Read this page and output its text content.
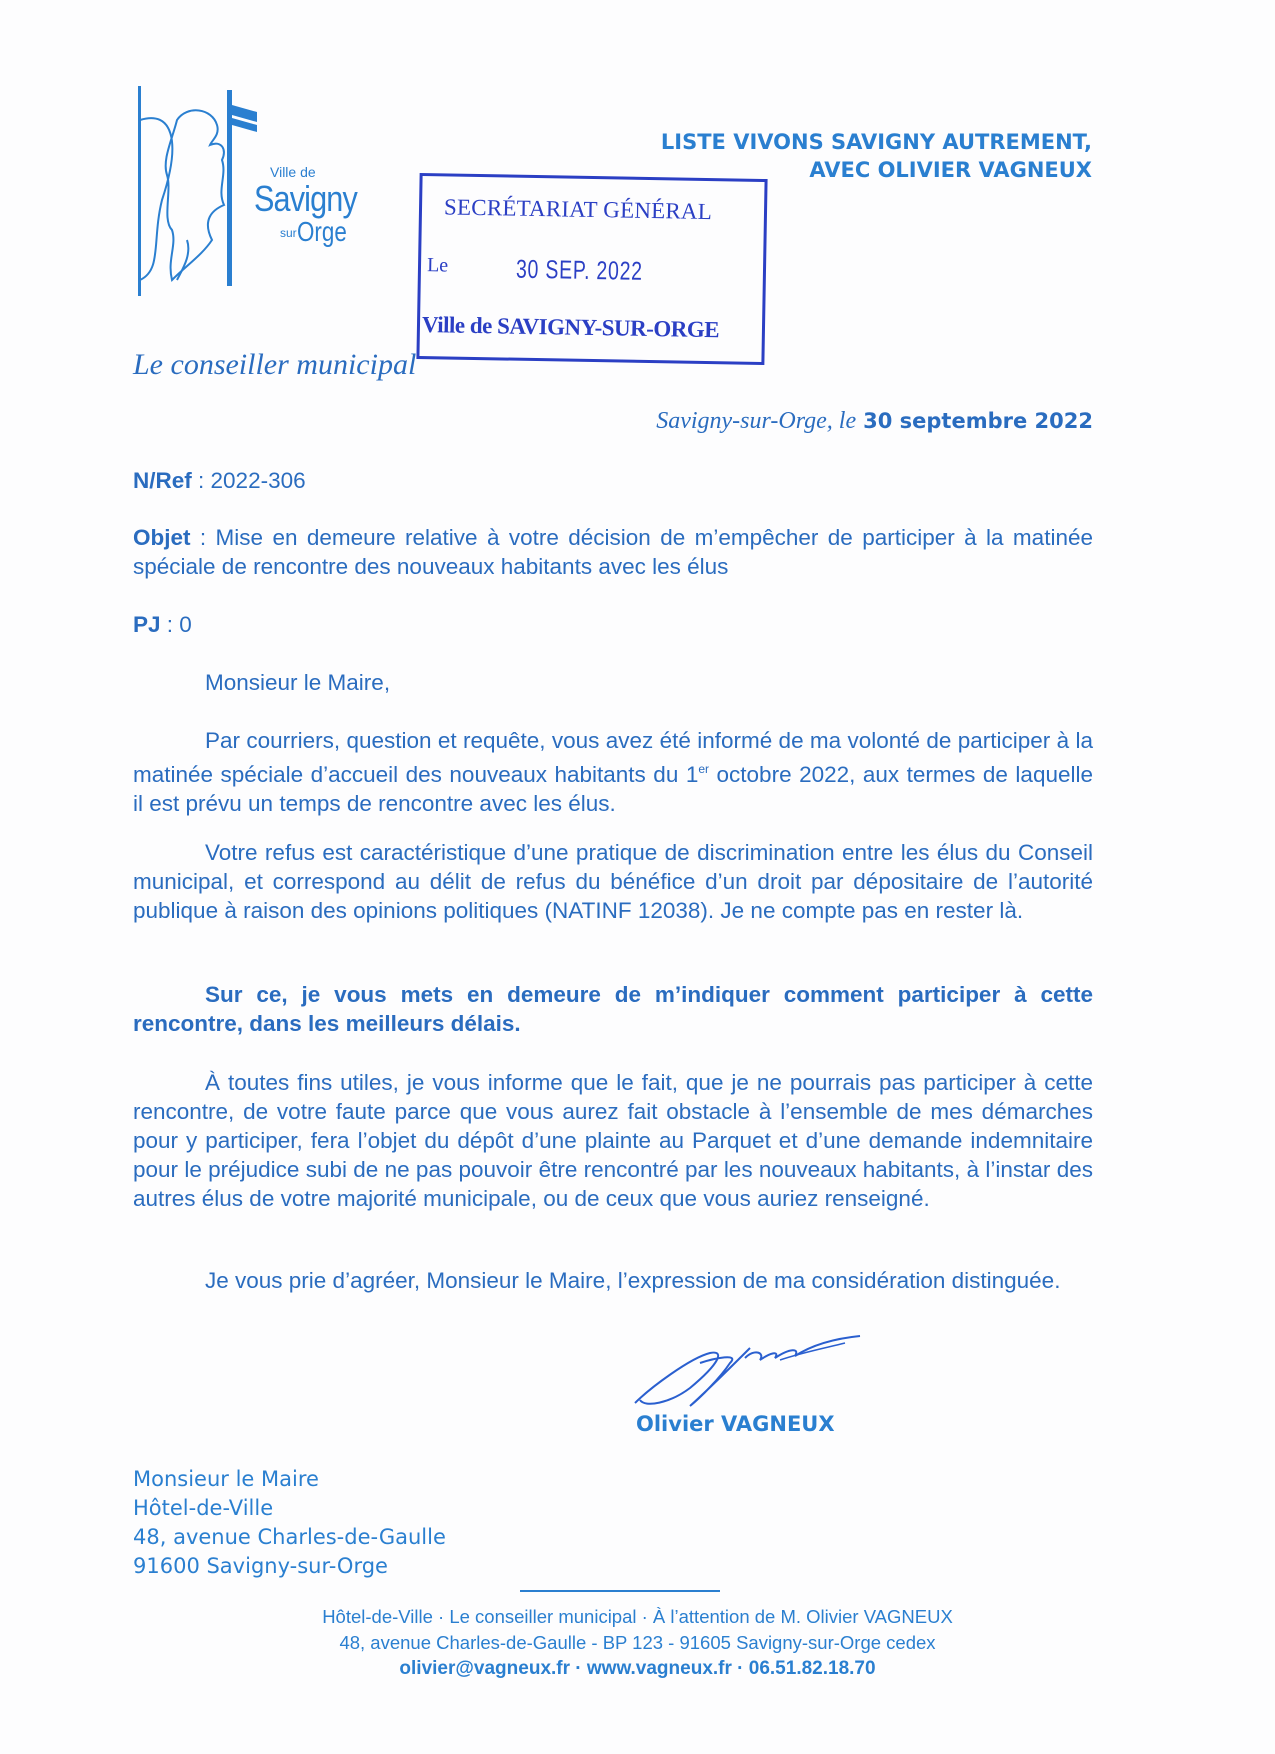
Ville de
Savigny
sur Orge
LISTE VIVONS SAVIGNY AUTREMENT,
AVEC OLIVIER VAGNEUX
SECRÉTARIAT GÉNÉRAL
Le	30 SEP. 2022
Ville de SAVIGNY-SUR-ORGE
Le conseiller municipal
Savigny-sur-Orge, le 30 septembre 2022
N/Ref : 2022-306
Objet : Mise en demeure relative à votre décision de m’empêcher de participer à la matinée spéciale de rencontre des nouveaux habitants avec les élus
PJ : 0
Monsieur le Maire,
Par courriers, question et requête, vous avez été informé de ma volonté de participer à la matinée spéciale d’accueil des nouveaux habitants du 1er octobre 2022, aux termes de laquelle il est prévu un temps de rencontre avec les élus.
Votre refus est caractéristique d’une pratique de discrimination entre les élus du Conseil municipal, et correspond au délit de refus du bénéfice d’un droit par dépositaire de l’autorité publique à raison des opinions politiques (NATINF 12038). Je ne compte pas en rester là.
Sur ce, je vous mets en demeure de m’indiquer comment participer à cette rencontre, dans les meilleurs délais.
À toutes fins utiles, je vous informe que le fait, que je ne pourrais pas participer à cette rencontre, de votre faute parce que vous aurez fait obstacle à l’ensemble de mes démarches pour y participer, fera l’objet du dépôt d’une plainte au Parquet et d’une demande indemnitaire pour le préjudice subi de ne pas pouvoir être rencontré par les nouveaux habitants, à l’instar des autres élus de votre majorité municipale, ou de ceux que vous auriez renseigné.
Je vous prie d’agréer, Monsieur le Maire, l’expression de ma considération distinguée.
Olivier VAGNEUX
Monsieur le Maire
Hôtel-de-Ville
48, avenue Charles-de-Gaulle
91600 Savigny-sur-Orge
Hôtel-de-Ville · Le conseiller municipal · À l’attention de M. Olivier VAGNEUX
48, avenue Charles-de-Gaulle - BP 123 - 91605 Savigny-sur-Orge cedex
olivier@vagneux.fr · www.vagneux.fr · 06.51.82.18.70
